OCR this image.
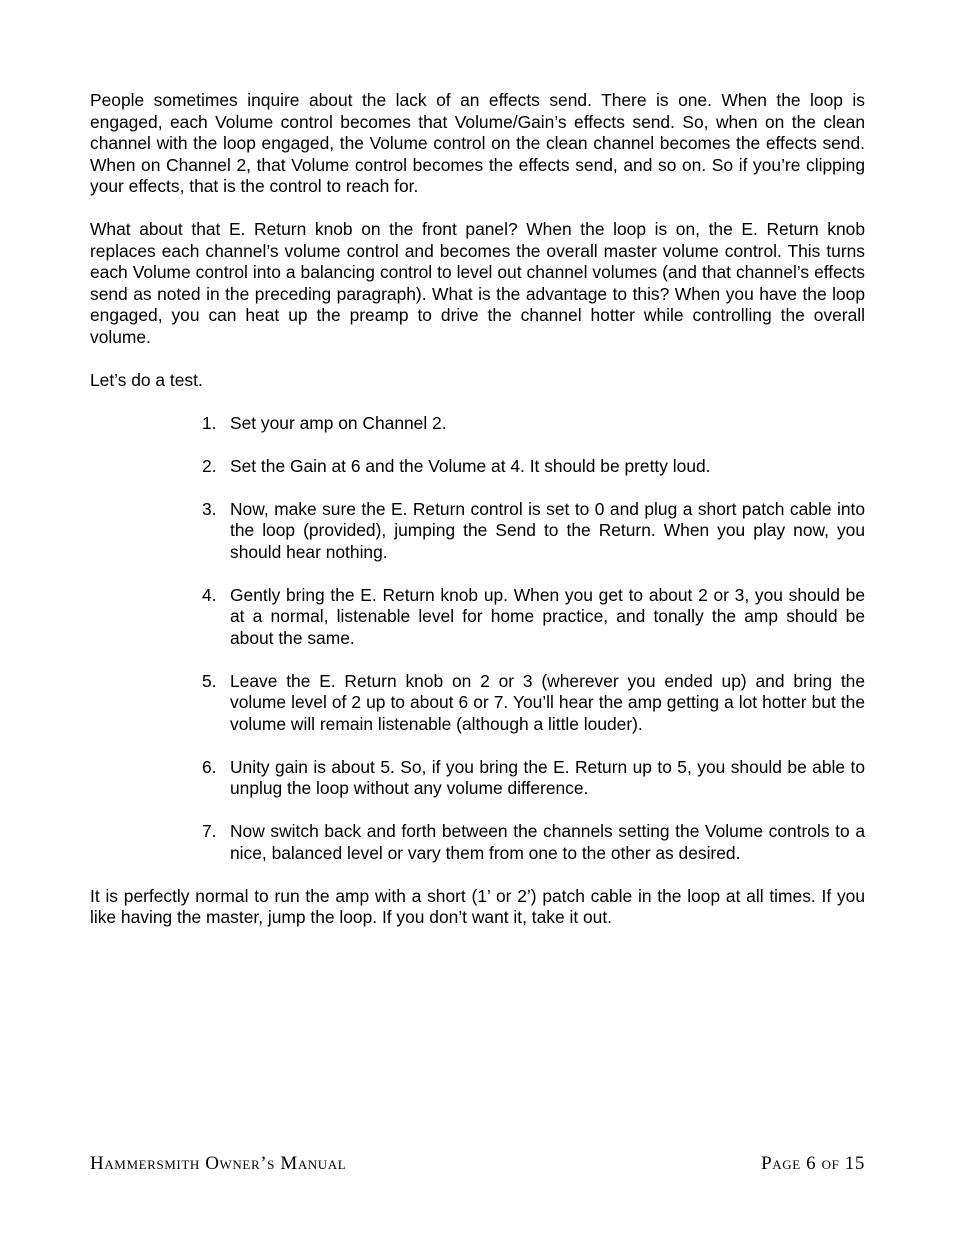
People sometimes inquire about the lack of an effects send. There is one. When the loop is engaged, each Volume control becomes that Volume/Gain’s effects send. So, when on the clean channel with the loop engaged, the Volume control on the clean channel becomes the effects send. When on Channel 2, that Volume control becomes the effects send, and so on. So if you’re clipping your effects, that is the control to reach for.

What about that E. Return knob on the front panel? When the loop is on, the E. Return knob replaces each channel’s volume control and becomes the overall master volume control. This turns each Volume control into a balancing control to level out channel volumes (and that channel’s effects send as noted in the preceding paragraph). What is the advantage to this? When you have the loop engaged, you can heat up the preamp to drive the channel hotter while controlling the overall volume.

Let’s do a test.

1. Set your amp on Channel 2.
2. Set the Gain at 6 and the Volume at 4. It should be pretty loud.
3. Now, make sure the E. Return control is set to 0 and plug a short patch cable into the loop (provided), jumping the Send to the Return. When you play now, you should hear nothing.
4. Gently bring the E. Return knob up. When you get to about 2 or 3, you should be at a normal, listenable level for home practice, and tonally the amp should be about the same.
5. Leave the E. Return knob on 2 or 3 (wherever you ended up) and bring the volume level of 2 up to about 6 or 7. You’ll hear the amp getting a lot hotter but the volume will remain listenable (although a little louder).
6. Unity gain is about 5. So, if you bring the E. Return up to 5, you should be able to unplug the loop without any volume difference.
7. Now switch back and forth between the channels setting the Volume controls to a nice, balanced level or vary them from one to the other as desired.

It is perfectly normal to run the amp with a short (1’ or 2’) patch cable in the loop at all times. If you like having the master, jump the loop. If you don’t want it, take it out.

Hammersmith Owner’s Manual	Page 6 of 15
